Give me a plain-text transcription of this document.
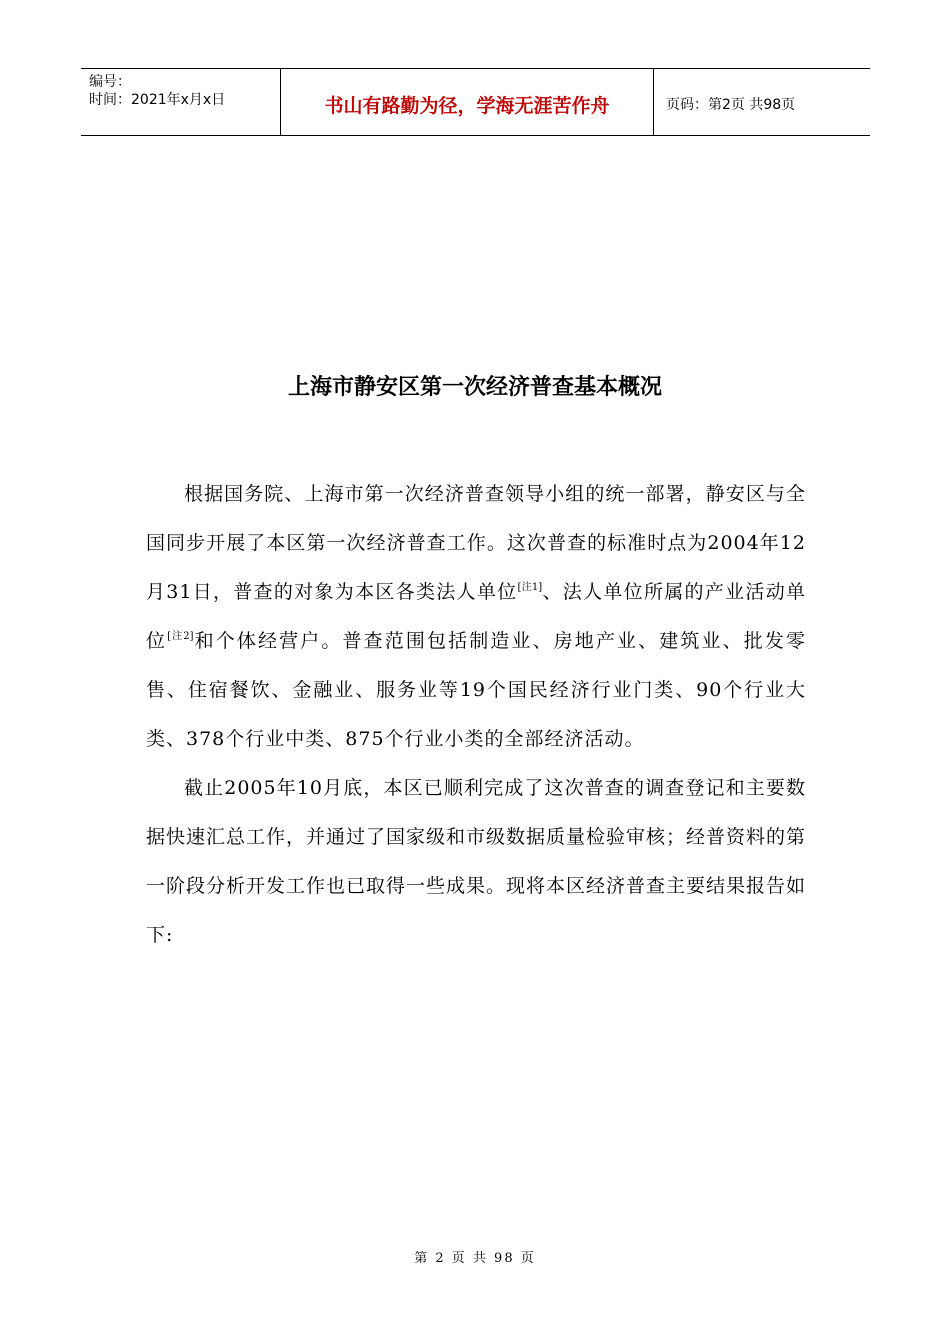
编号：
时间：2021年x月x日	书山有路勤为径，学海无涯苦作舟	页码：第2页 共98页
上海市静安区第一次经济普查基本概况

根据国务院、上海市第一次经济普查领导小组的统一部署，静安区与全国同步开展了本区第一次经济普查工作。这次普查的标准时点为2004年12月31日，普查的对象为本区各类法人单位[注1]、法人单位所属的产业活动单位[注2]和个体经营户。普查范围包括制造业、房地产业、建筑业、批发零售、住宿餐饮、金融业、服务业等19个国民经济行业门类、90个行业大类、378个行业中类、875个行业小类的全部经济活动。

截止2005年10月底，本区已顺利完成了这次普查的调查登记和主要数据快速汇总工作，并通过了国家级和市级数据质量检验审核；经普资料的第一阶段分析开发工作也已取得一些成果。现将本区经济普查主要结果报告如下:

第 2 页 共 98 页
